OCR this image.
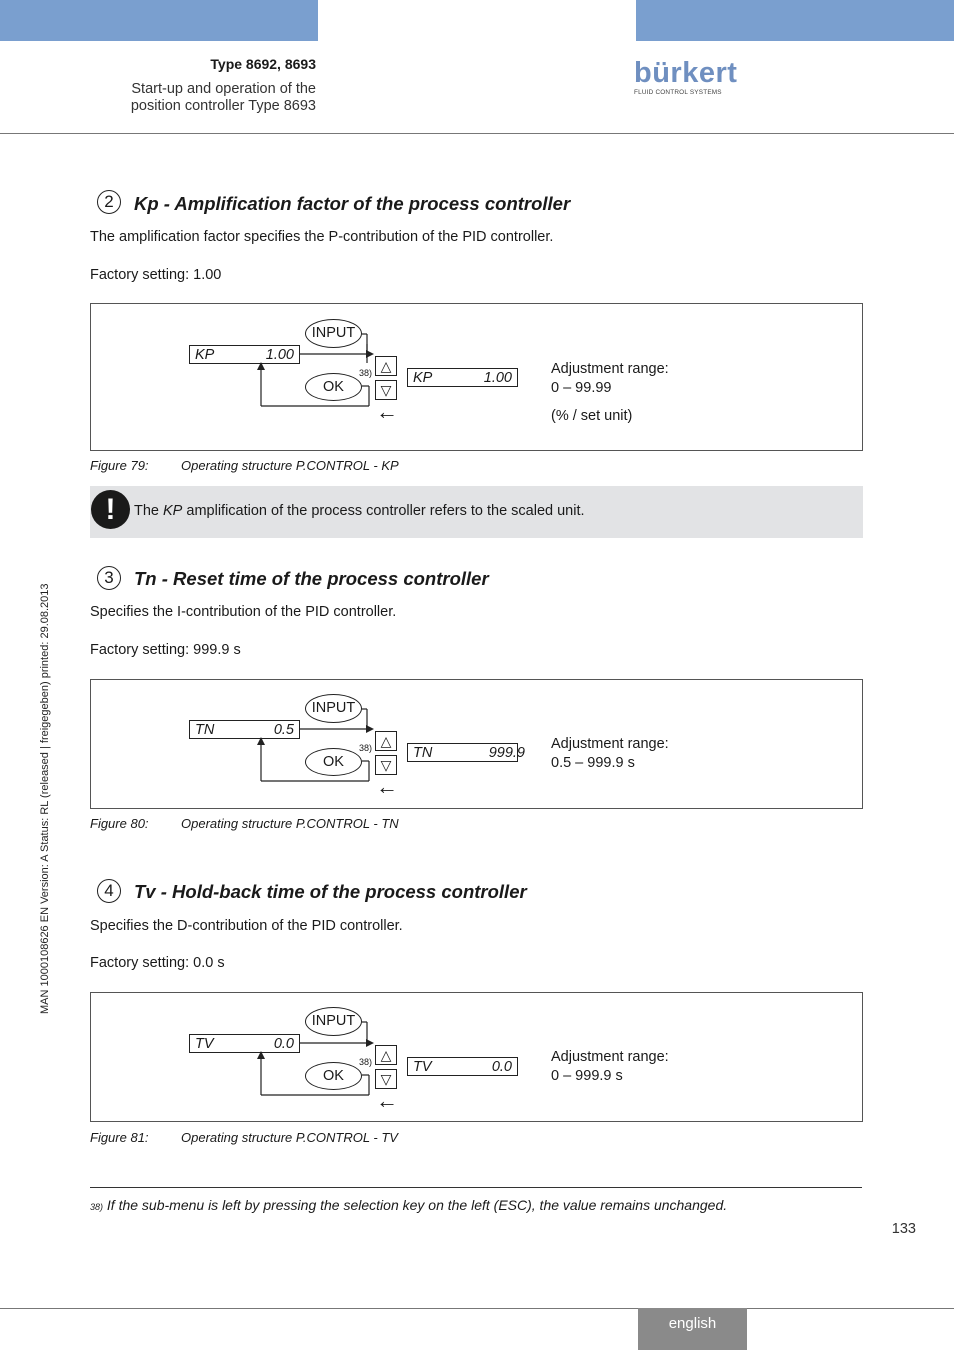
Type 8692, 8693
Start-up and operation of the
position controller Type 8693
bürkert
FLUID CONTROL SYSTEMS
MAN 1000108626 EN Version: A Status: RL (released | freigegeben) printed: 29.08.2013
2	Kp - Amplification factor of the process controller
The amplification factor specifies the P-contribution of the PID controller.
Factory setting: 1.00
KP	1.00
INPUT
OK
38) △
▽
KP	1.00
←
Adjustment range:
0 – 99.99
(% / set unit)
Figure 79: Operating structure P.CONTROL - KP
!	The KP amplification of the process controller refers to the scaled unit.
3	Tn - Reset time of the process controller
Specifies the I-contribution of the PID controller.
Factory setting: 999.9 s
TN	0.5
INPUT
OK
38) △
▽
TN	999.9
←
Adjustment range:
0.5 – 999.9 s
Figure 80: Operating structure P.CONTROL - TN
4	Tv - Hold-back time of the process controller
Specifies the D-contribution of the PID controller.
Factory setting: 0.0 s
TV	0.0
INPUT
OK
38) △
▽
TV	0.0
←
Adjustment range:
0 – 999.9 s
Figure 81: Operating structure P.CONTROL - TV
38) If the sub-menu is left by pressing the selection key on the left (ESC), the value remains unchanged.
133
english
